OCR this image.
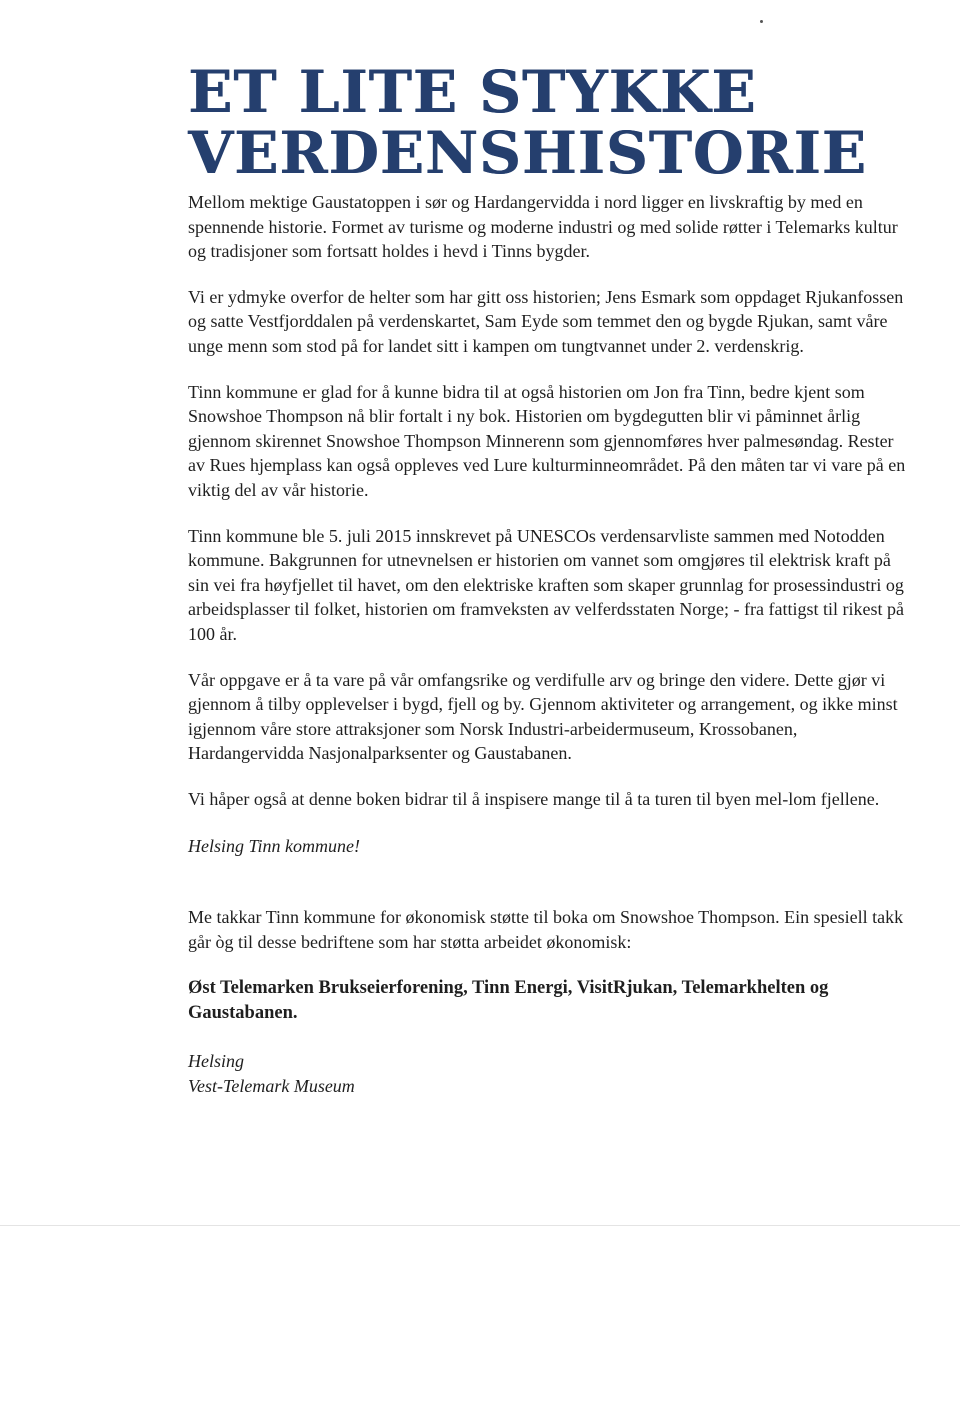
ET LITE STYKKE
VERDENSHISTORIE

Mellom mektige Gaustatoppen i sør og Hardangervidda i nord ligger en livskraftig by med en spennende historie. Formet av turisme og moderne industri og med solide røtter i Telemarks kultur og tradisjoner som fortsatt holdes i hevd i Tinns bygder.

Vi er ydmyke overfor de helter som har gitt oss historien; Jens Esmark som oppdaget Rjukanfossen og satte Vestfjorddalen på verdenskartet, Sam Eyde som temmet den og bygde Rjukan, samt våre unge menn som stod på for landet sitt i kampen om tungtvannet under 2. verdenskrig.

Tinn kommune er glad for å kunne bidra til at også historien om Jon fra Tinn, bedre kjent som Snowshoe Thompson nå blir fortalt i ny bok. Historien om bygdegutten blir vi påminnet årlig gjennom skirennet Snowshoe Thompson Minnerenn som gjennomføres hver palmesøndag. Rester av Rues hjemplass kan også oppleves ved Lure kulturminneområdet. På den måten tar vi vare på en viktig del av vår historie.

Tinn kommune ble 5. juli 2015 innskrevet på UNESCOs verdensarvliste sammen med Notodden kommune. Bakgrunnen for utnevnelsen er historien om vannet som omgjøres til elektrisk kraft på sin vei fra høyfjellet til havet, om den elektriske kraften som skaper grunnlag for prosessindustri og arbeidsplasser til folket, historien om framveksten av velferdsstaten Norge; - fra fattigst til rikest på 100 år.

Vår oppgave er å ta vare på vår omfangsrike og verdifulle arv og bringe den videre. Dette gjør vi gjennom å tilby opplevelser i bygd, fjell og by. Gjennom aktiviteter og arrangement, og ikke minst igjennom våre store attraksjoner som Norsk Industri-arbeidermuseum, Krossobanen, Hardangervidda Nasjonalparksenter og Gaustabanen.

Vi håper også at denne boken bidrar til å inspisere mange til å ta turen til byen mel-lom fjellene.

Helsing Tinn kommune!

Me takkar Tinn kommune for økonomisk støtte til boka om Snowshoe Thompson. Ein spesiell takk går òg til desse bedriftene som har støtta arbeidet økonomisk:

Øst Telemarken Brukseierforening, Tinn Energi, VisitRjukan, Telemarkhelten og Gaustabanen.

Helsing
Vest-Telemark Museum
